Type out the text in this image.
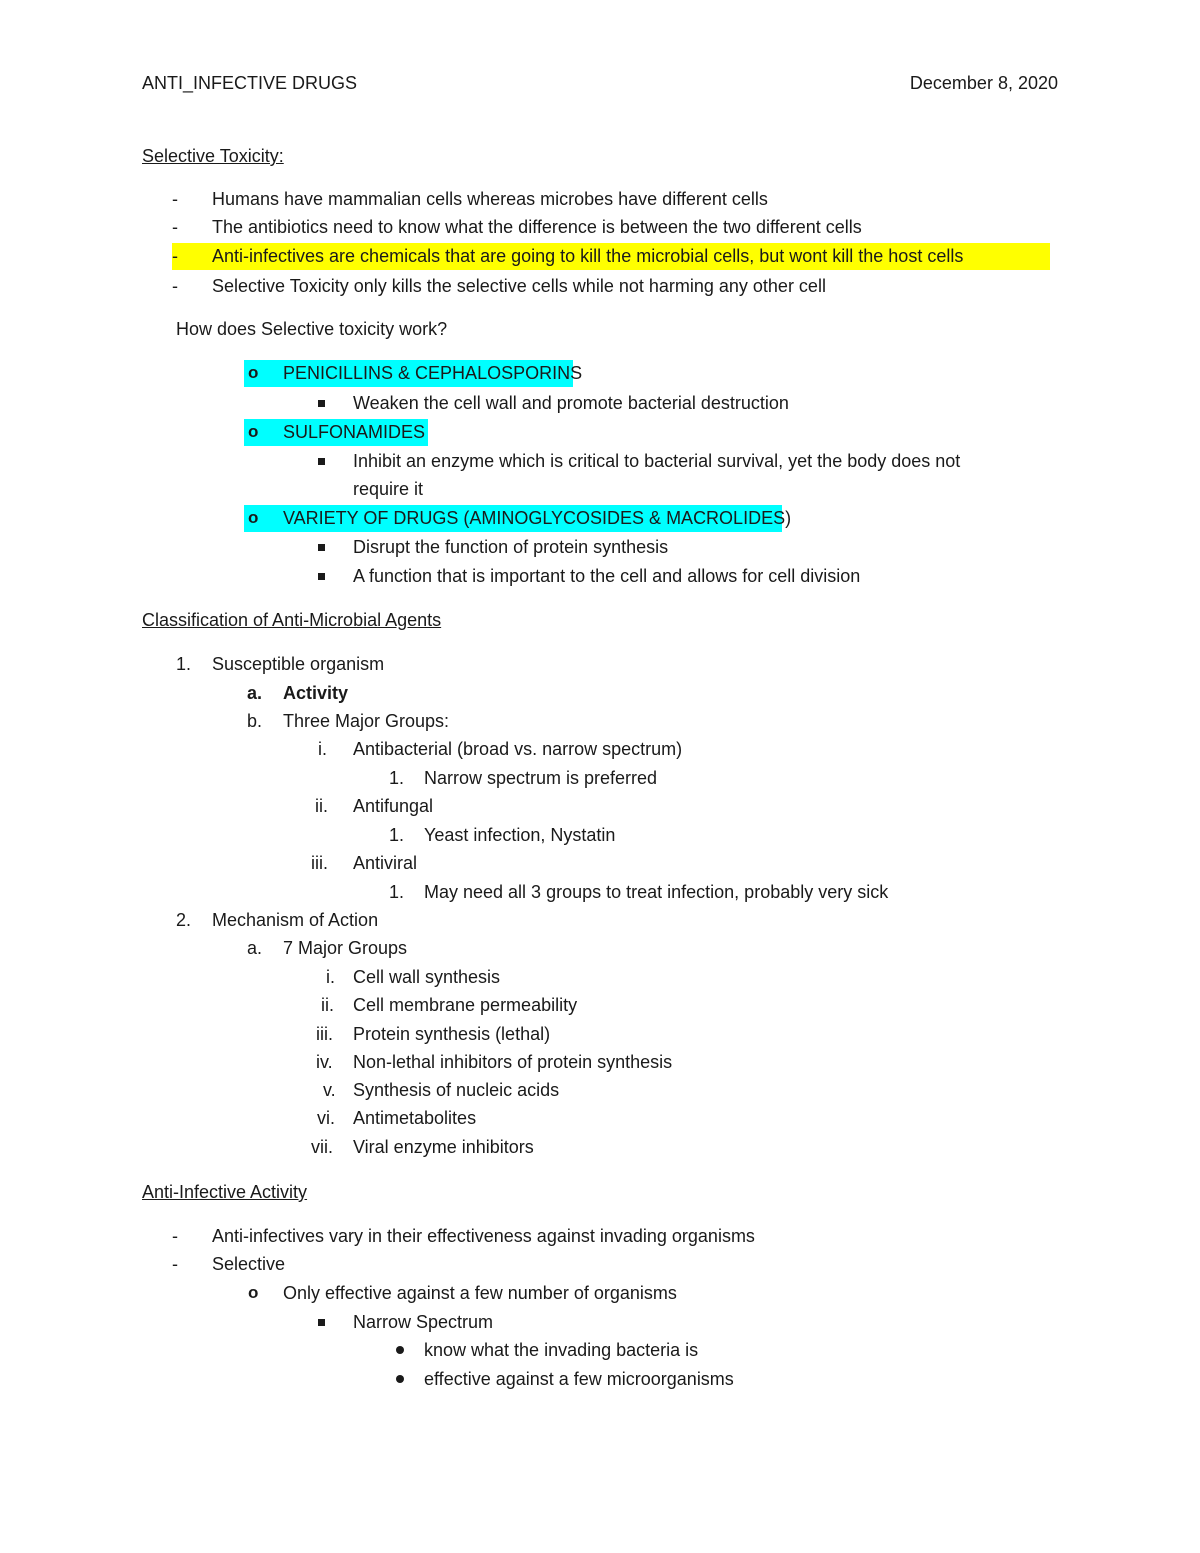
ANTI_INFECTIVE DRUGS	December 8, 2020
Selective Toxicity:
- Humans have mammalian cells whereas microbes have different cells
- The antibiotics need to know what the difference is between the two different cells
- Anti-infectives are chemicals that are going to kill the microbial cells, but wont kill the host cells
- Selective Toxicity only kills the selective cells while not harming any other cell
How does Selective toxicity work?
o PENICILLINS & CEPHALOSPORINS
Weaken the cell wall and promote bacterial destruction
o SULFONAMIDES
Inhibit an enzyme which is critical to bacterial survival, yet the body does not
require it
o VARIETY OF DRUGS (AMINOGLYCOSIDES & MACROLIDES)
Disrupt the function of protein synthesis
A function that is important to the cell and allows for cell division
Classification of Anti-Microbial Agents
1. Susceptible organism
a. Activity
b. Three Major Groups:
i. Antibacterial (broad vs. narrow spectrum)
1. Narrow spectrum is preferred
ii. Antifungal
1. Yeast infection, Nystatin
iii. Antiviral
1. May need all 3 groups to treat infection, probably very sick
2. Mechanism of Action
a. 7 Major Groups
i. Cell wall synthesis
ii. Cell membrane permeability
iii. Protein synthesis (lethal)
iv. Non-lethal inhibitors of protein synthesis
v. Synthesis of nucleic acids
vi. Antimetabolites
vii. Viral enzyme inhibitors
Anti-Infective Activity
- Anti-infectives vary in their effectiveness against invading organisms
- Selective
o Only effective against a few number of organisms
Narrow Spectrum
know what the invading bacteria is
effective against a few microorganisms
